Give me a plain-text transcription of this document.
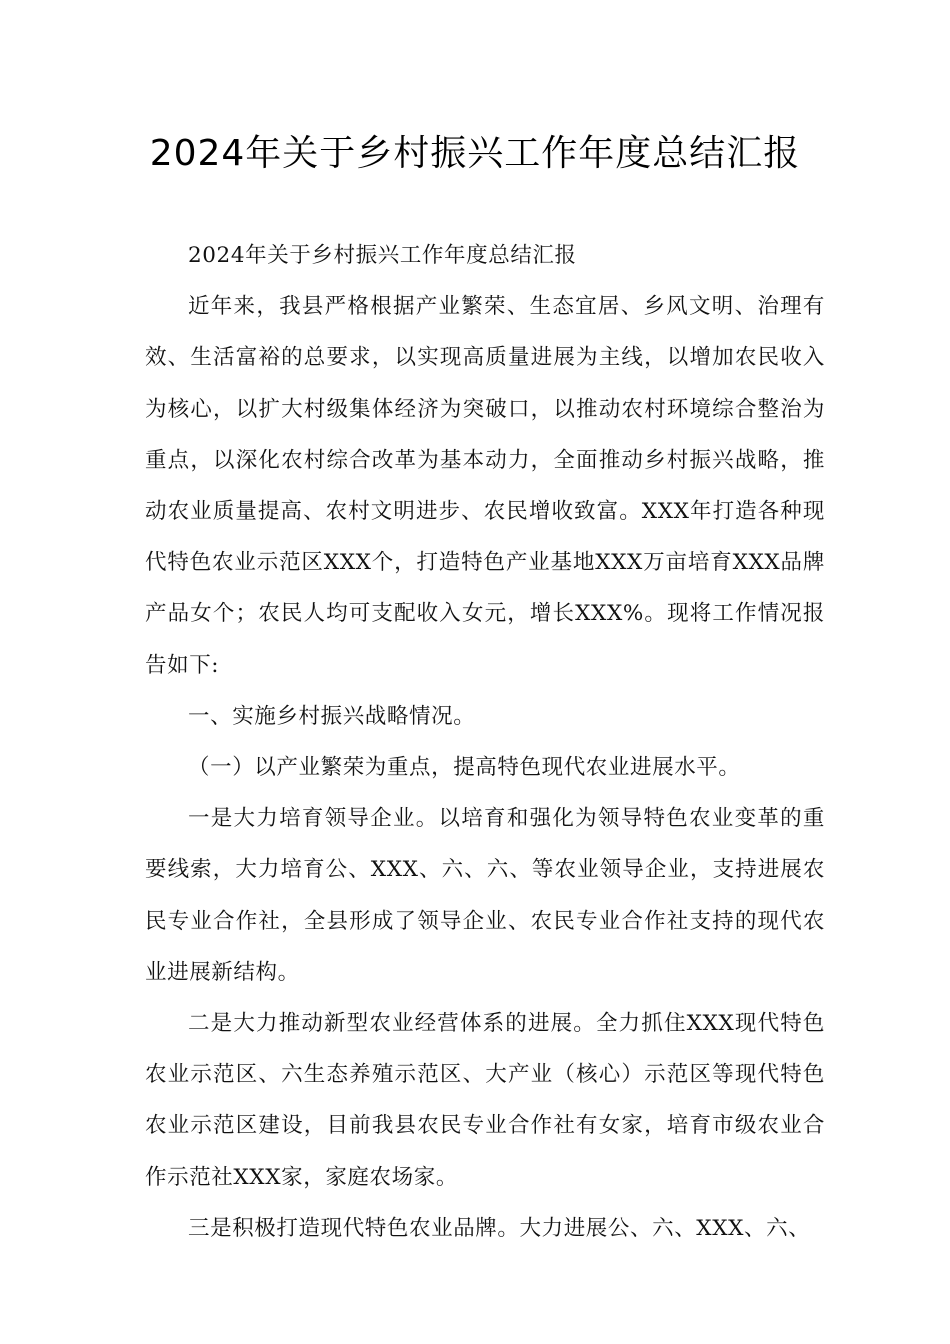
2024年关于乡村振兴工作年度总结汇报

2024年关于乡村振兴工作年度总结汇报

近年来，我县严格根据产业繁荣、生态宜居、乡风文明、治理有效、生活富裕的总要求，以实现高质量进展为主线，以增加农民收入为核心，以扩大村级集体经济为突破口，以推动农村环境综合整治为重点，以深化农村综合改革为基本动力，全面推动乡村振兴战略，推动农业质量提高、农村文明进步、农民增收致富。XXX年打造各种现代特色农业示范区XXX个，打造特色产业基地XXX万亩培育XXX品牌产品女个；农民人均可支配收入女元，增长XXX%。现将工作情况报告如下:

一、实施乡村振兴战略情况。

（一）以产业繁荣为重点，提高特色现代农业进展水平。

一是大力培育领导企业。以培育和强化为领导特色农业变革的重要线索，大力培育公、XXX、六、六、等农业领导企业，支持进展农民专业合作社，全县形成了领导企业、农民专业合作社支持的现代农业进展新结构。

二是大力推动新型农业经营体系的进展。全力抓住XXX现代特色农业示范区、六生态养殖示范区、大产业（核心）示范区等现代特色农业示范区建设，目前我县农民专业合作社有女家，培育市级农业合作示范社XXX家，家庭农场家。

三是积极打造现代特色农业品牌。大力进展公、六、XXX、六、
